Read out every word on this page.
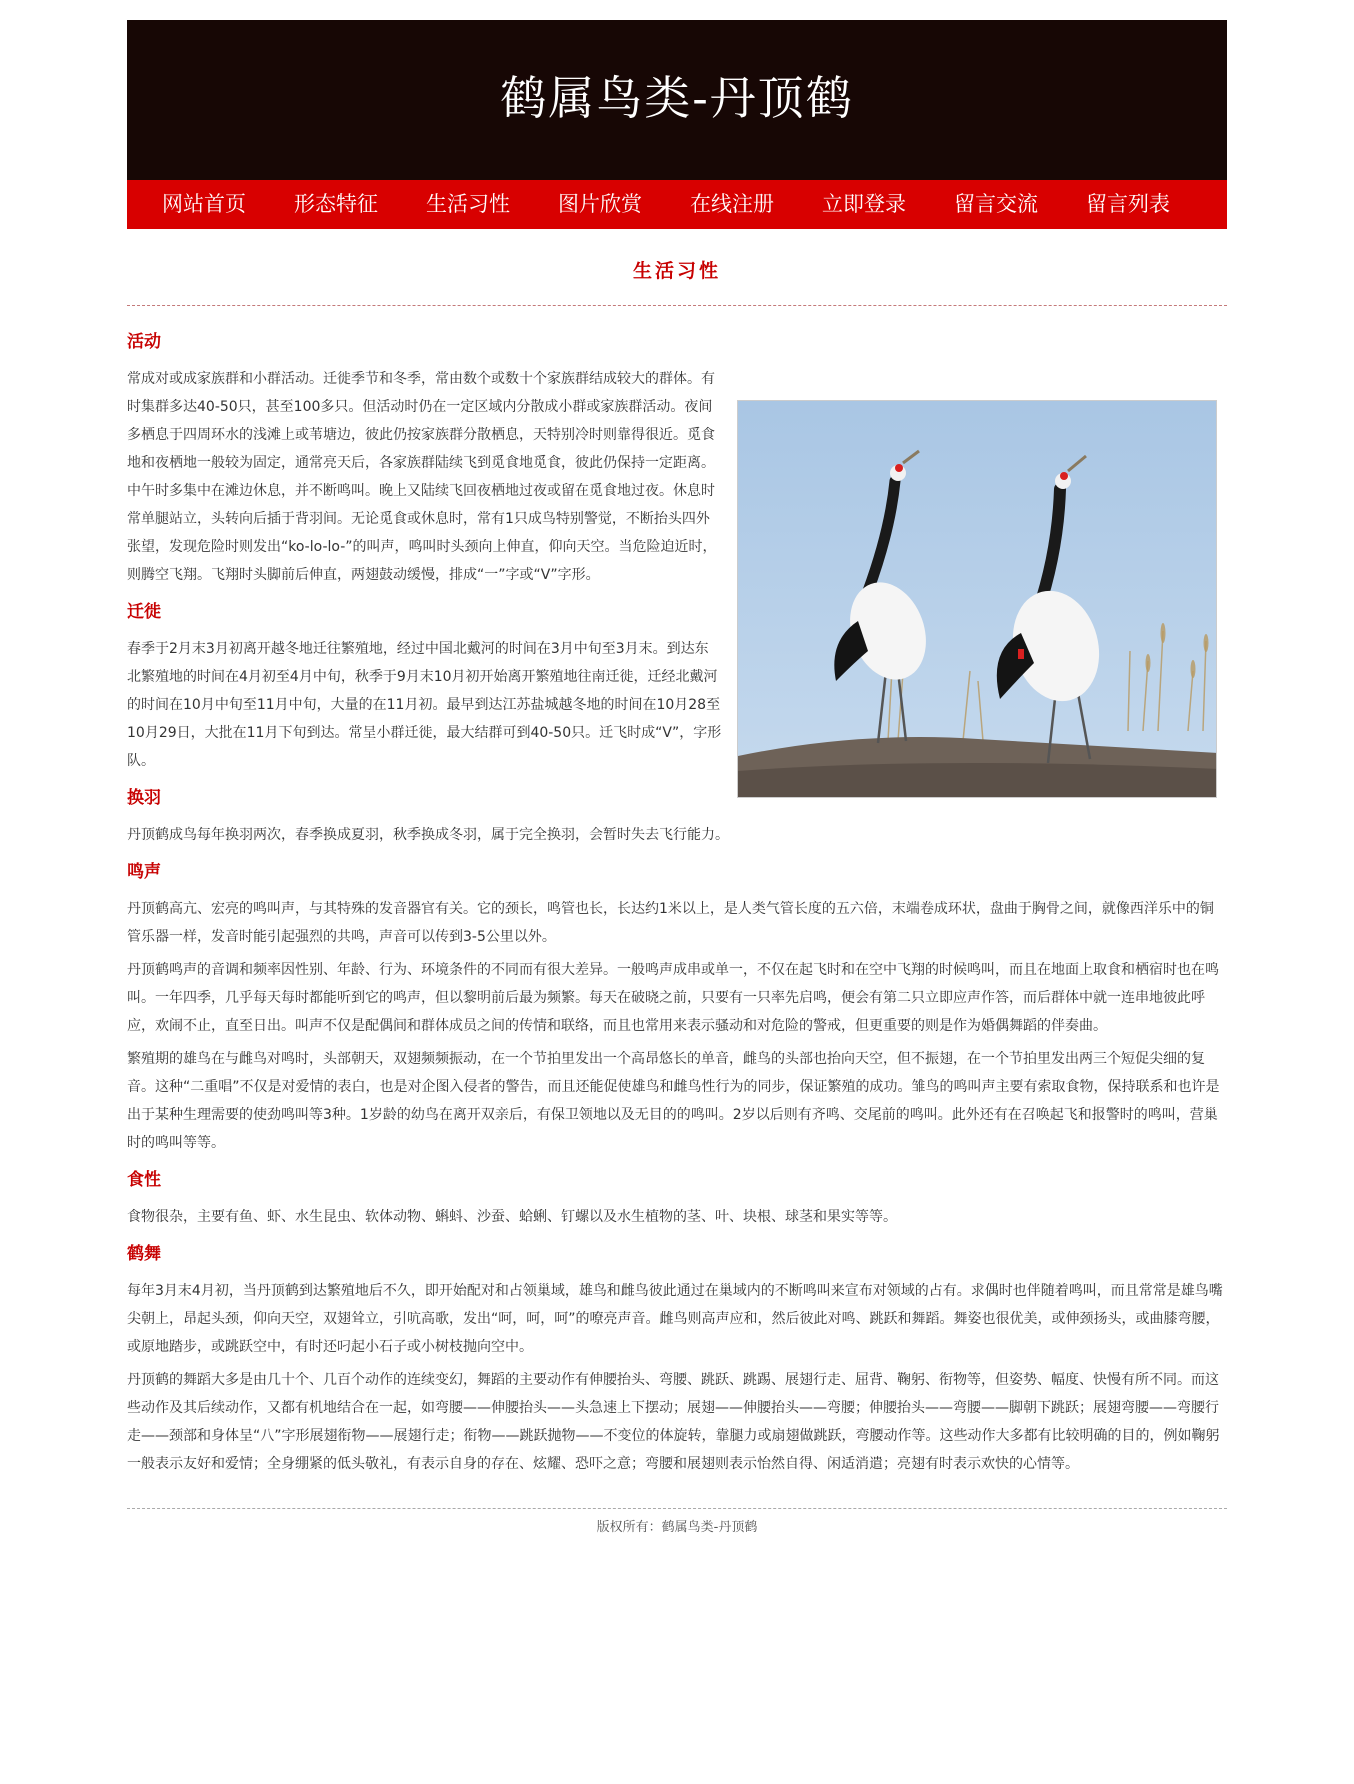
鹤属鸟类-丹顶鹤
网站首页	形态特征	生活习性	图片欣赏	在线注册	立即登录	留言交流	留言列表
生活习性
活动

常成对或成家族群和小群活动。迁徙季节和冬季，常由数个或数十个家族群结成较大的群体。有时集群多达40-50只，甚至100多只。但活动时仍在一定区域内分散成小群或家族群活动。夜间多栖息于四周环水的浅滩上或苇塘边，彼此仍按家族群分散栖息，天特别冷时则靠得很近。觅食地和夜栖地一般较为固定，通常亮天后，各家族群陆续飞到觅食地觅食，彼此仍保持一定距离。中午时多集中在滩边休息，并不断鸣叫。晚上又陆续飞回夜栖地过夜或留在觅食地过夜。休息时常单腿站立，头转向后插于背羽间。无论觅食或休息时，常有1只成鸟特别警觉，不断抬头四外张望，发现危险时则发出“ko-lo-lo-”的叫声，鸣叫时头颈向上伸直，仰向天空。当危险迫近时，则腾空飞翔。飞翔时头脚前后伸直，两翅鼓动缓慢，排成“一”字或“V”字形。

迁徙

春季于2月末3月初离开越冬地迁往繁殖地，经过中国北戴河的时间在3月中旬至3月末。到达东北繁殖地的时间在4月初至4月中旬，秋季于9月末10月初开始离开繁殖地往南迁徙，迁经北戴河的时间在10月中旬至11月中旬，大量的在11月初。最早到达江苏盐城越冬地的时间在10月28至10月29日，大批在11月下旬到达。常呈小群迁徙，最大结群可到40-50只。迁飞时成“V”，字形队。

换羽

丹顶鹤成鸟每年换羽两次，春季换成夏羽，秋季换成冬羽，属于完全换羽，会暂时失去飞行能力。

鸣声

丹顶鹤高亢、宏亮的鸣叫声，与其特殊的发音器官有关。它的颈长，鸣管也长，长达约1米以上，是人类气管长度的五六倍，末端卷成环状，盘曲于胸骨之间，就像西洋乐中的铜管乐器一样，发音时能引起强烈的共鸣，声音可以传到3-5公里以外。

丹顶鹤鸣声的音调和频率因性别、年龄、行为、环境条件的不同而有很大差异。一般鸣声成串或单一，不仅在起飞时和在空中飞翔的时候鸣叫，而且在地面上取食和栖宿时也在鸣叫。一年四季，几乎每天每时都能听到它的鸣声，但以黎明前后最为频繁。每天在破晓之前，只要有一只率先启鸣，便会有第二只立即应声作答，而后群体中就一连串地彼此呼应，欢闹不止，直至日出。叫声不仅是配偶间和群体成员之间的传情和联络，而且也常用来表示骚动和对危险的警戒，但更重要的则是作为婚偶舞蹈的伴奏曲。

繁殖期的雄鸟在与雌鸟对鸣时，头部朝天，双翅频频振动，在一个节拍里发出一个高昂悠长的单音，雌鸟的头部也抬向天空，但不振翅，在一个节拍里发出两三个短促尖细的复音。这种“二重唱”不仅是对爱情的表白，也是对企图入侵者的警告，而且还能促使雄鸟和雌鸟性行为的同步，保证繁殖的成功。雏鸟的鸣叫声主要有索取食物，保持联系和也许是出于某种生理需要的使劲鸣叫等3种。1岁龄的幼鸟在离开双亲后，有保卫领地以及无目的的鸣叫。2岁以后则有齐鸣、交尾前的鸣叫。此外还有在召唤起飞和报警时的鸣叫，营巢时的鸣叫等等。

食性

食物很杂，主要有鱼、虾、水生昆虫、软体动物、蝌蚪、沙蚕、蛤蜊、钉螺以及水生植物的茎、叶、块根、球茎和果实等等。

鹤舞

每年3月末4月初，当丹顶鹤到达繁殖地后不久，即开始配对和占领巢域，雄鸟和雌鸟彼此通过在巢域内的不断鸣叫来宣布对领域的占有。求偶时也伴随着鸣叫，而且常常是雄鸟嘴尖朝上，昂起头颈，仰向天空，双翅耸立，引吭高歌，发出“呵，呵，呵”的嘹亮声音。雌鸟则高声应和，然后彼此对鸣、跳跃和舞蹈。舞姿也很优美，或伸颈扬头，或曲膝弯腰，或原地踏步，或跳跃空中，有时还叼起小石子或小树枝抛向空中。

丹顶鹤的舞蹈大多是由几十个、几百个动作的连续变幻，舞蹈的主要动作有伸腰抬头、弯腰、跳跃、跳踢、展翅行走、屈背、鞠躬、衔物等，但姿势、幅度、快慢有所不同。而这些动作及其后续动作，又都有机地结合在一起，如弯腰——伸腰抬头——头急速上下摆动；展翅——伸腰抬头——弯腰；伸腰抬头——弯腰——脚朝下跳跃；展翅弯腰——弯腰行走——颈部和身体呈“八”字形展翅衔物——展翅行走；衔物——跳跃抛物——不变位的体旋转，靠腿力或扇翅做跳跃，弯腰动作等。这些动作大多都有比较明确的目的，例如鞠躬一般表示友好和爱情；全身绷紧的低头敬礼，有表示自身的存在、炫耀、恐吓之意；弯腰和展翅则表示怡然自得、闲适消遣；亮翅有时表示欢快的心情等。

版权所有：鹤属鸟类-丹顶鹤
